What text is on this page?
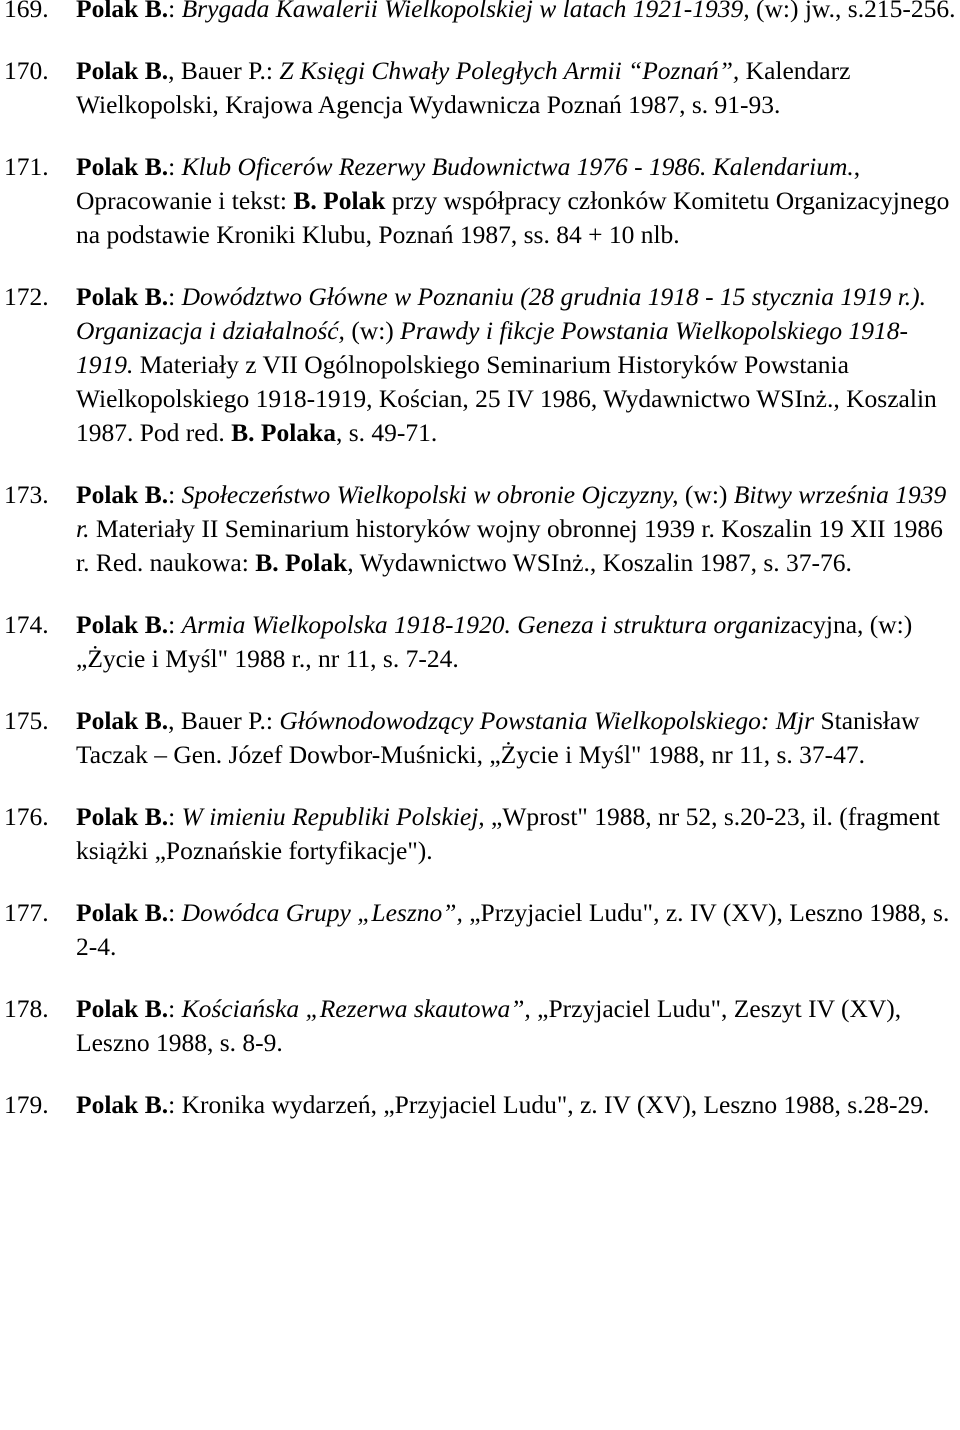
169.	Polak B.: Brygada Kawalerii Wielkopolskiej w latach 1921-1939, (w:) jw., s.215-256.
170.	Polak B., Bauer P.: Z Księgi Chwały Poległych Armii “Poznań”, Kalendarz Wielkopolski, Krajowa Agencja Wydawnicza Poznań 1987, s. 91-93.
171.	Polak B.: Klub Oficerów Rezerwy Budownictwa 1976 - 1986. Kalendarium., Opracowanie i tekst: B. Polak przy współpracy członków Komitetu Organizacyjnego na podstawie Kroniki Klubu, Poznań 1987, ss. 84 + 10 nlb.
172.	Polak B.: Dowództwo Główne w Poznaniu (28 grudnia 1918 - 15 stycznia 1919 r.). Organizacja i działalność, (w:) Prawdy i fikcje Powstania Wielkopolskiego 1918-1919. Materiały z VII Ogólnopolskiego Seminarium Historyków Powstania Wielkopolskiego 1918-1919, Kościan, 25 IV 1986, Wydawnictwo WSInż., Koszalin 1987. Pod red. B. Polaka, s. 49-71.
173.	Polak B.: Społeczeństwo Wielkopolski w obronie Ojczyzny, (w:) Bitwy września 1939 r. Materiały II Seminarium historyków wojny obronnej 1939 r. Koszalin 19 XII 1986 r. Red. naukowa: B. Polak, Wydawnictwo WSInż., Koszalin 1987, s. 37-76.
174.	Polak B.: Armia Wielkopolska 1918-1920. Geneza i struktura organizacyjna, (w:) „Życie i Myśl" 1988 r., nr 11, s. 7-24.
175.	Polak B., Bauer P.: Głównodowodzący Powstania Wielkopolskiego: Mjr Stanisław Taczak – Gen. Józef Dowbor-Muśnicki, „Życie i Myśl" 1988, nr 11, s. 37-47.
176.	Polak B.: W imieniu Republiki Polskiej, „Wprost" 1988, nr 52, s.20-23, il. (fragment książki „Poznańskie fortyfikacje").
177.	Polak B.: Dowódca Grupy „Leszno”, „Przyjaciel Ludu", z. IV (XV), Leszno 1988, s. 2-4.
178.	Polak B.: Kościańska „Rezerwa skautowa”, „Przyjaciel Ludu", Zeszyt IV (XV), Leszno 1988, s. 8-9.
179.	Polak B.: Kronika wydarzeń, „Przyjaciel Ludu", z. IV (XV), Leszno 1988, s.28-29.
